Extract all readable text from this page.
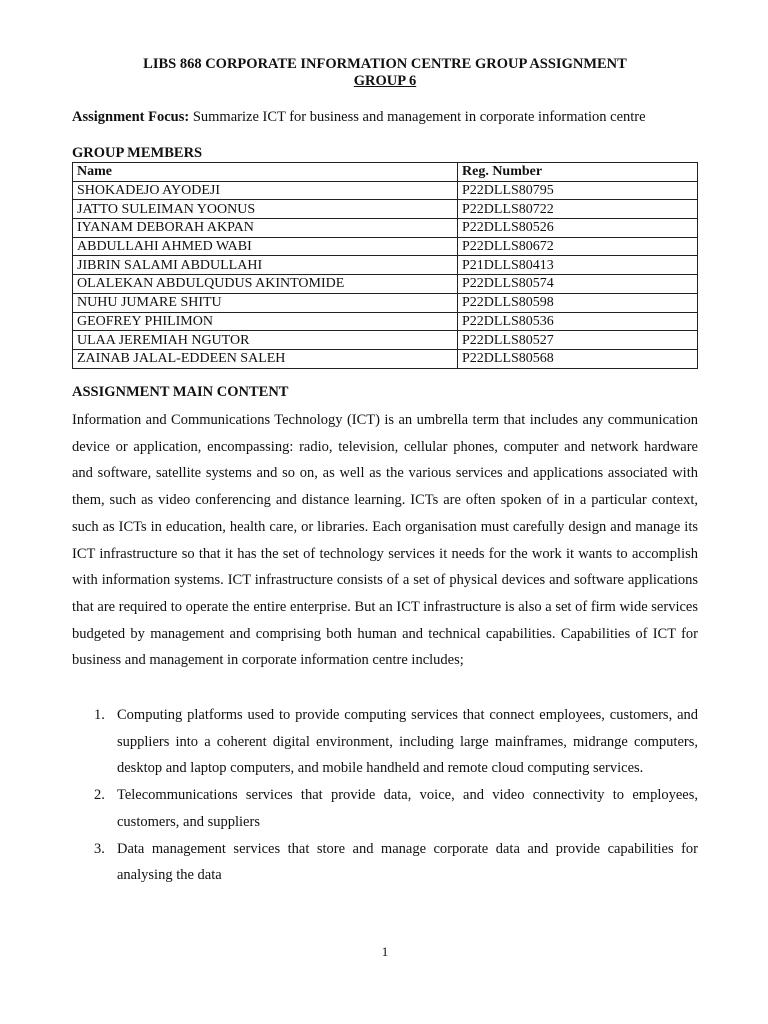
LIBS 868 CORPORATE INFORMATION CENTRE GROUP ASSIGNMENT
GROUP 6
Assignment Focus: Summarize ICT for business and management in corporate information centre
GROUP MEMBERS
Name	Reg. Number
SHOKADEJO AYODEJI	P22DLLS80795
JATTO SULEIMAN YOONUS	P22DLLS80722
IYANAM DEBORAH AKPAN	P22DLLS80526
ABDULLAHI AHMED WABI	P22DLLS80672
JIBRIN SALAMI ABDULLAHI	P21DLLS80413
OLALEKAN ABDULQUDUS AKINTOMIDE	P22DLLS80574
NUHU JUMARE SHITU	P22DLLS80598
GEOFREY PHILIMON	P22DLLS80536
ULAA JEREMIAH NGUTOR	P22DLLS80527
ZAINAB JALAL-EDDEEN SALEH	P22DLLS80568
ASSIGNMENT MAIN CONTENT

Information and Communications Technology (ICT) is an umbrella term that includes any communication device or application, encompassing: radio, television, cellular phones, computer and network hardware and software, satellite systems and so on, as well as the various services and applications associated with them, such as video conferencing and distance learning. ICTs are often spoken of in a particular context, such as ICTs in education, health care, or libraries. Each organisation must carefully design and manage its ICT infrastructure so that it has the set of technology services it needs for the work it wants to accomplish with information systems. ICT infrastructure consists of a set of physical devices and software applications that are required to operate the entire enterprise. But an ICT infrastructure is also a set of firm wide services budgeted by management and comprising both human and technical capabilities. Capabilities of ICT for business and management in corporate information centre includes;

1. Computing platforms used to provide computing services that connect employees, customers, and suppliers into a coherent digital environment, including large mainframes, midrange computers, desktop and laptop computers, and mobile handheld and remote cloud computing services.
2. Telecommunications services that provide data, voice, and video connectivity to employees, customers, and suppliers
3. Data management services that store and manage corporate data and provide capabilities for analysing the data
1
